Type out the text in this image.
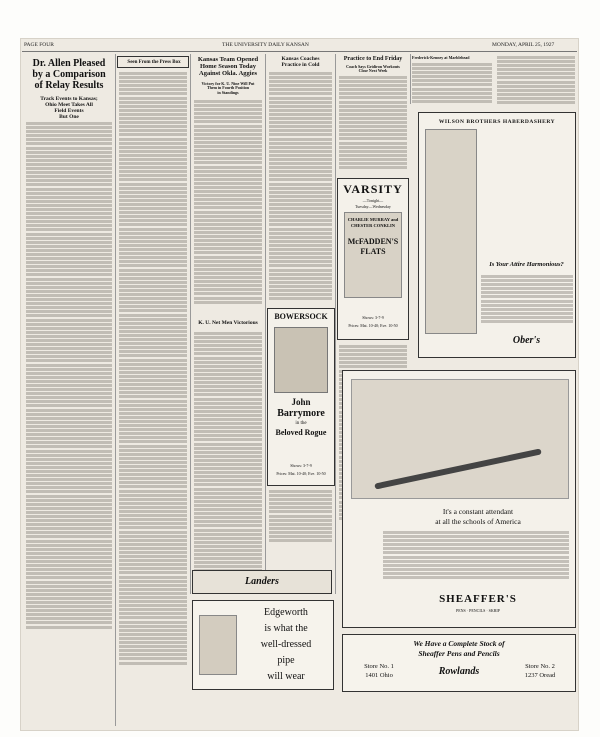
PAGE FOUR	THE UNIVERSITY DAILY KANSAN	MONDAY, APRIL 25, 1927
Dr. Allen Pleased
by a Comparison
of Relay Results
Track Events to Kansas;
Ohio Meet Takes All
Field Events
But One
Seen From the Press Box	Kansas Team Opened
Home Season Today
Against Okla. Aggies
Victory for K. U. Nine Will Put
Them in Fourth Position
in Standings
Kansas Coaches
Practice in Cold
Practice to End Friday
Coach Says Gridiron Workouts
Close Next Week
Frederick-Kenney at Marblehead
VARSITY
—Tonight—
Tuesday—Wednesday
CHARLIE MURRAY and
CHESTER CONKLIN
McFADDEN'S
FLATS
Shows: 3-7-9
Prices: Mat. 10-40; Eve. 10-50
K. U. Net Men Victorious
BOWERSOCK
John
Barrymore
in the
Beloved Rogue
Shows: 3-7-9
Prices: Mat. 10-40; Eve. 10-50
WILSON BROTHERS HABERDASHERY
Is Your Attire Harmonious?
Ober's
It's a constant attendant
at all the schools of America
SHEAFFER'S
PENS · PENCILS · SKRIP
Landers
Edgeworth
is what the
well-dressed
pipe
will wear
We Have a Complete Stock of
Sheaffer Pens and Pencils
Store No. 1
1401 Ohio	Rowlands	Store No. 2
1237 Oread
